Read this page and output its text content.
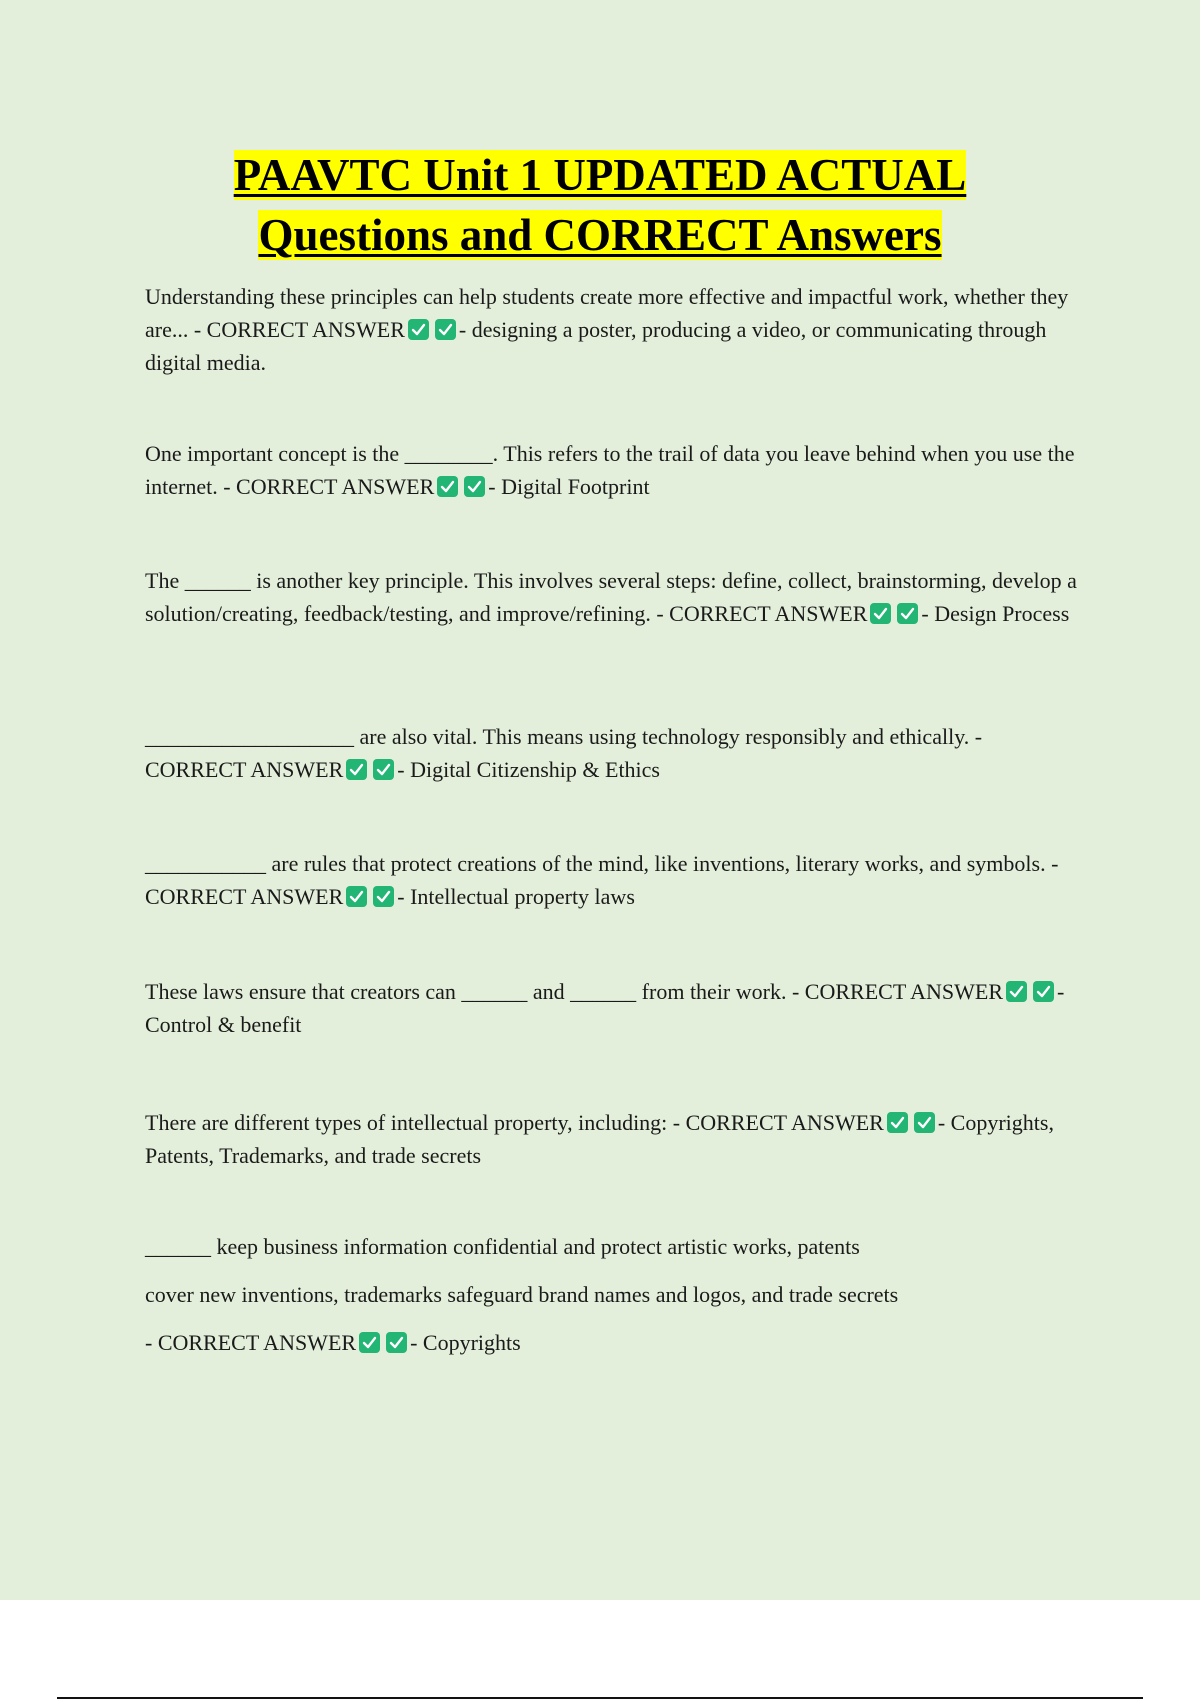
PAAVTC Unit 1 UPDATED ACTUAL
Questions and CORRECT Answers

Understanding these principles can help students create more effective and impactful work, whether they are... - CORRECT ANSWER - designing a poster, producing a video, or communicating through digital media.

One important concept is the ________. This refers to the trail of data you leave behind when you use the internet. - CORRECT ANSWER - Digital Footprint

The ______ is another key principle. This involves several steps: define, collect, brainstorming, develop a solution/creating, feedback/testing, and improve/refining. - CORRECT ANSWER - Design Process

___________________ are also vital. This means using technology responsibly and ethically. - CORRECT ANSWER - Digital Citizenship & Ethics

___________ are rules that protect creations of the mind, like inventions, literary works, and symbols. - CORRECT ANSWER - Intellectual property laws

These laws ensure that creators can ______ and ______ from their work. - CORRECT ANSWER - Control & benefit

There are different types of intellectual property, including: - CORRECT ANSWER - Copyrights, Patents, Trademarks, and trade secrets

______ keep business information confidential and protect artistic works, patents cover new inventions, trademarks safeguard brand names and logos, and trade secrets - CORRECT ANSWER - Copyrights
